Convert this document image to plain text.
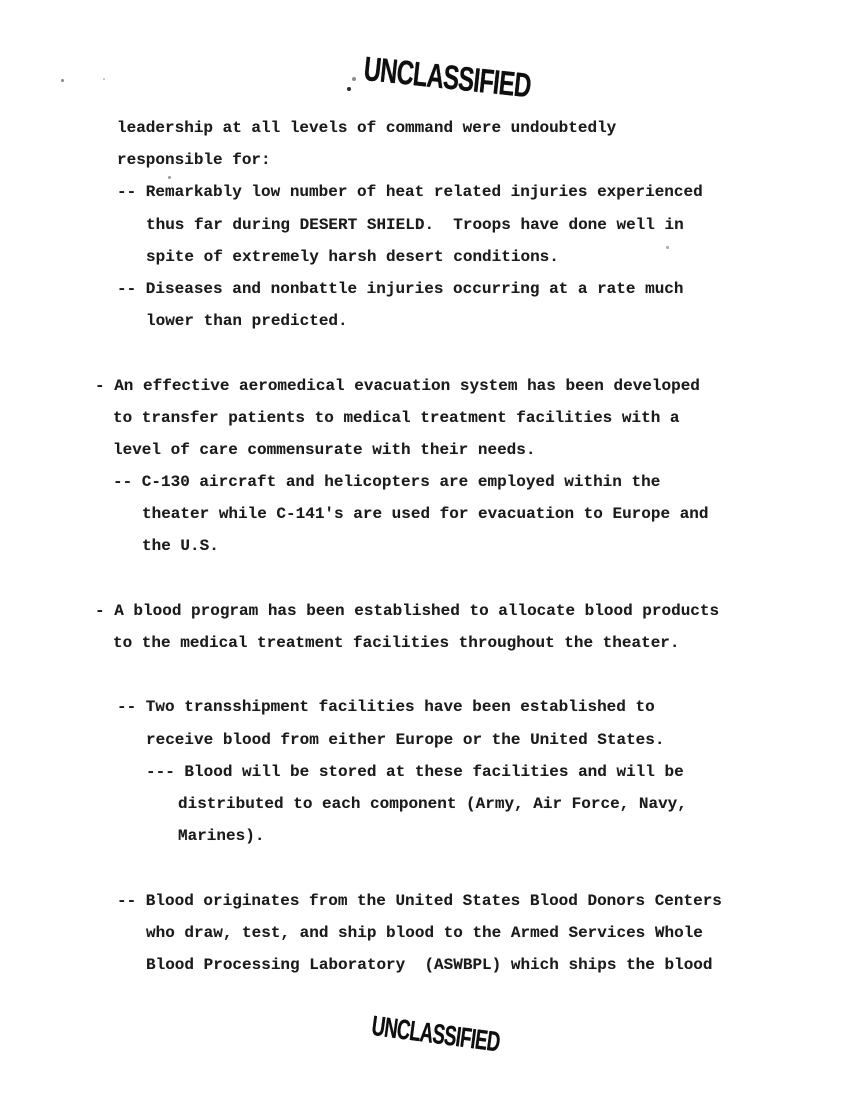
UNCLASSIFIED
leadership at all levels of command were undoubtedly
responsible for:
-- Remarkably low number of heat related injuries experienced
thus far during DESERT SHIELD.  Troops have done well in
spite of extremely harsh desert conditions.
-- Diseases and nonbattle injuries occurring at a rate much
lower than predicted.
- An effective aeromedical evacuation system has been developed
to transfer patients to medical treatment facilities with a
level of care commensurate with their needs.
-- C-130 aircraft and helicopters are employed within the
theater while C-141's are used for evacuation to Europe and
the U.S.
- A blood program has been established to allocate blood products
to the medical treatment facilities throughout the theater.
-- Two transshipment facilities have been established to
receive blood from either Europe or the United States.
--- Blood will be stored at these facilities and will be
distributed to each component (Army, Air Force, Navy,
Marines).
-- Blood originates from the United States Blood Donors Centers
who draw, test, and ship blood to the Armed Services Whole
Blood Processing Laboratory  (ASWBPL) which ships the blood
UNCLASSIFIED
